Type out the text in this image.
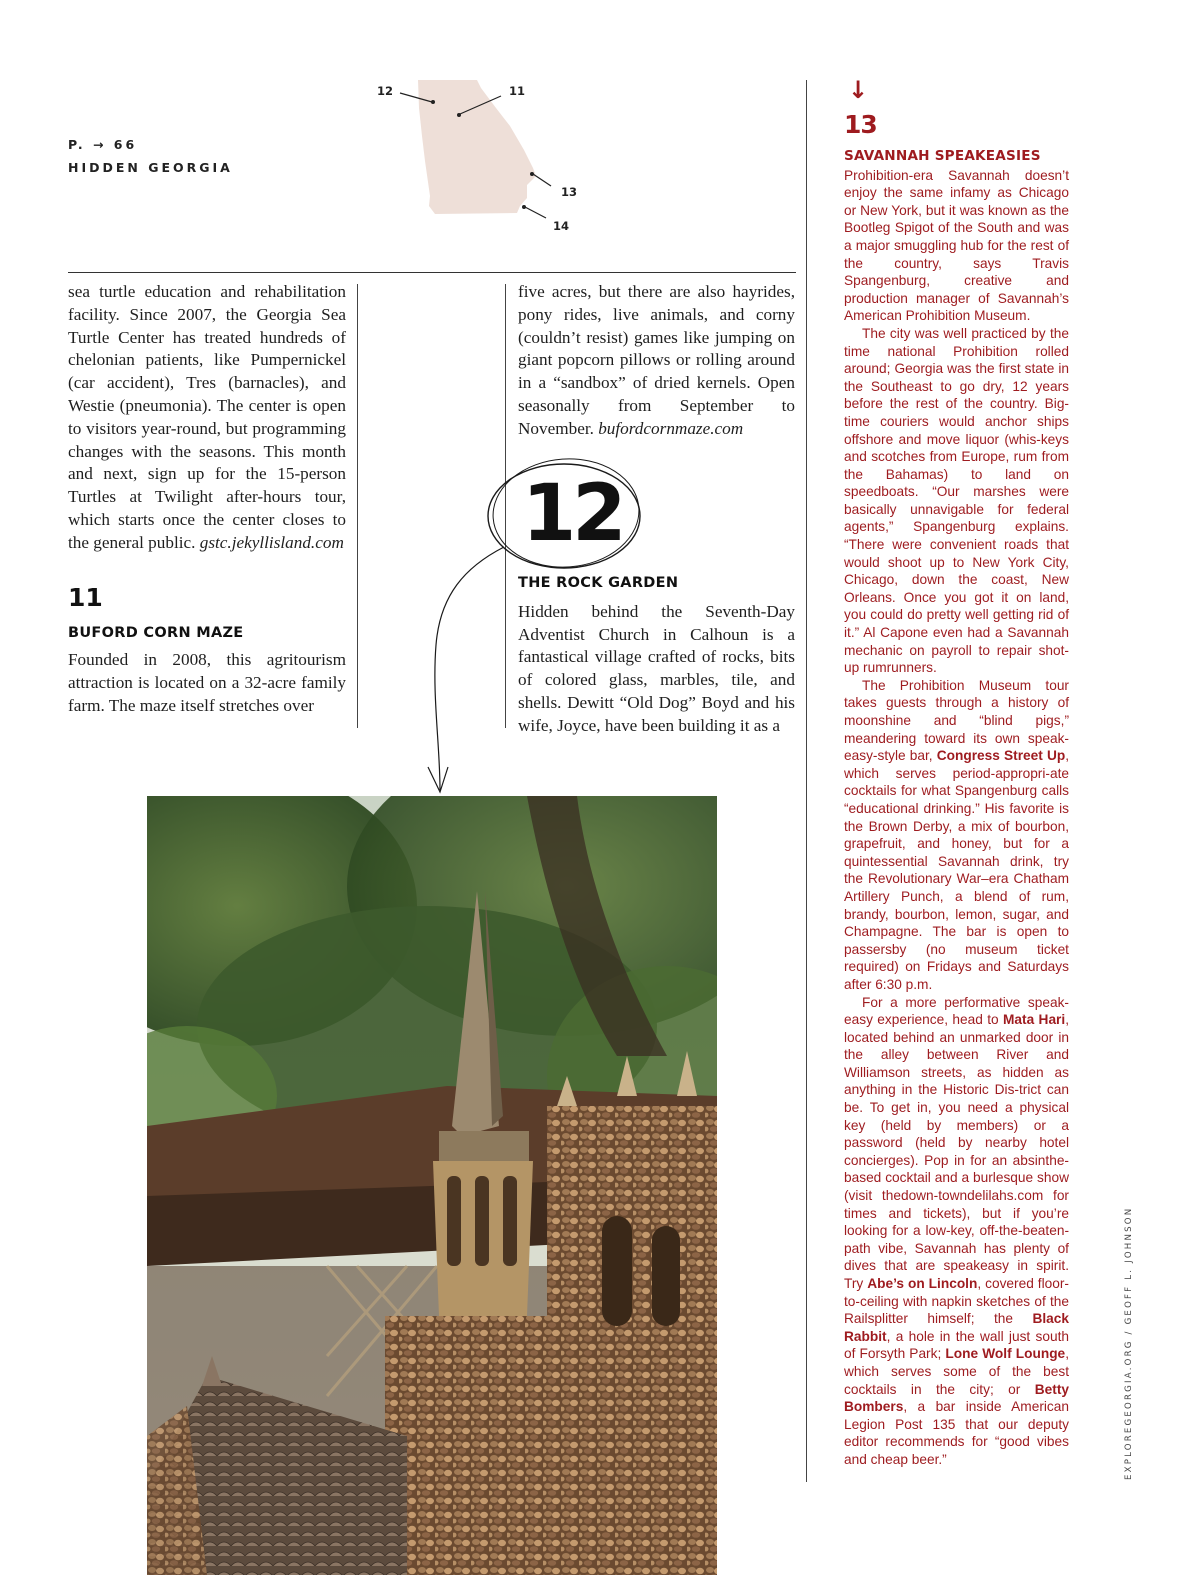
P. → 66
HIDDEN GEORGIA
12	11
13
14

sea turtle education and rehabilitation facility. Since 2007, the Georgia Sea Turtle Center has treated hundreds of chelonian patients, like Pumpernickel (car accident), Tres (barnacles), and Westie (pneumonia). The center is open to visitors year-round, but programming changes with the seasons. This month and next, sign up for the 15-person Turtles at Twilight after-hours tour, which starts once the center closes to the general public. gstc.jekyllisland.com

11
BUFORD CORN MAZE

Founded in 2008, this agritourism attraction is located on a 32-acre family farm. The maze itself stretches over

five acres, but there are also hayrides, pony rides, live animals, and corny (couldn’t resist) games like jumping on giant popcorn pillows or rolling around in a “sandbox” of dried kernels. Open seasonally from September to November. bufordcornmaze.com

12
THE ROCK GARDEN

Hidden behind the Seventh-Day Adventist Church in Calhoun is a fantastical village crafted of rocks, bits of colored glass, marbles, tile, and shells. Dewitt “Old Dog” Boyd and his wife, Joyce, have been building it as a

↓
13
SAVANNAH SPEAKEASIES

Prohibition-era Savannah doesn’t enjoy the same infamy as Chicago or New York, but it was known as the Bootleg Spigot of the South and was a major smuggling hub for the rest of the country, says Travis Spangenburg, creative and production manager of Savannah’s American Prohibition Museum.

The city was well practiced by the time national Prohibition rolled around; Georgia was the first state in the Southeast to go dry, 12 years before the rest of the country. Big-time couriers would anchor ships offshore and move liquor (whis-keys and scotches from Europe, rum from the Bahamas) to land on speedboats. “Our marshes were basically unnavigable for federal agents,” Spangenburg explains. “There were convenient roads that would shoot up to New York City, Chicago, down the coast, New Orleans. Once you got it on land, you could do pretty well getting rid of it.” Al Capone even had a Savannah mechanic on payroll to repair shot-up rumrunners.

The Prohibition Museum tour takes guests through a history of moonshine and “blind pigs,” meandering toward its own speak-easy-style bar, Congress Street Up, which serves period-appropri-ate cocktails for what Spangenburg calls “educational drinking.” His favorite is the Brown Derby, a mix of bourbon, grapefruit, and honey, but for a quintessential Savannah drink, try the Revolutionary War–era Chatham Artillery Punch, a blend of rum, brandy, bourbon, lemon, sugar, and Champagne. The bar is open to passersby (no museum ticket required) on Fridays and Saturdays after 6:30 p.m.

For a more performative speak-easy experience, head to Mata Hari, located behind an unmarked door in the alley between River and Williamson streets, as hidden as anything in the Historic Dis-trict can be. To get in, you need a physical key (held by members) or a password (held by nearby hotel concierges). Pop in for an absinthe-based cocktail and a burlesque show (visit thedown-towndelilahs.com for times and tickets), but if you’re looking for a low-key, off-the-beaten-path vibe, Savannah has plenty of dives that are speakeasy in spirit. Try Abe’s on Lincoln, covered floor-to-ceiling with napkin sketches of the Railsplitter himself; the Black Rabbit, a hole in the wall just south of Forsyth Park; Lone Wolf Lounge, which serves some of the best cocktails in the city; or Betty Bombers, a bar inside American Legion Post 135 that our deputy editor recommends for “good vibes and cheap beer.”	EXPLOREGEORGIA.ORG / GEOFF L. JOHNSON
